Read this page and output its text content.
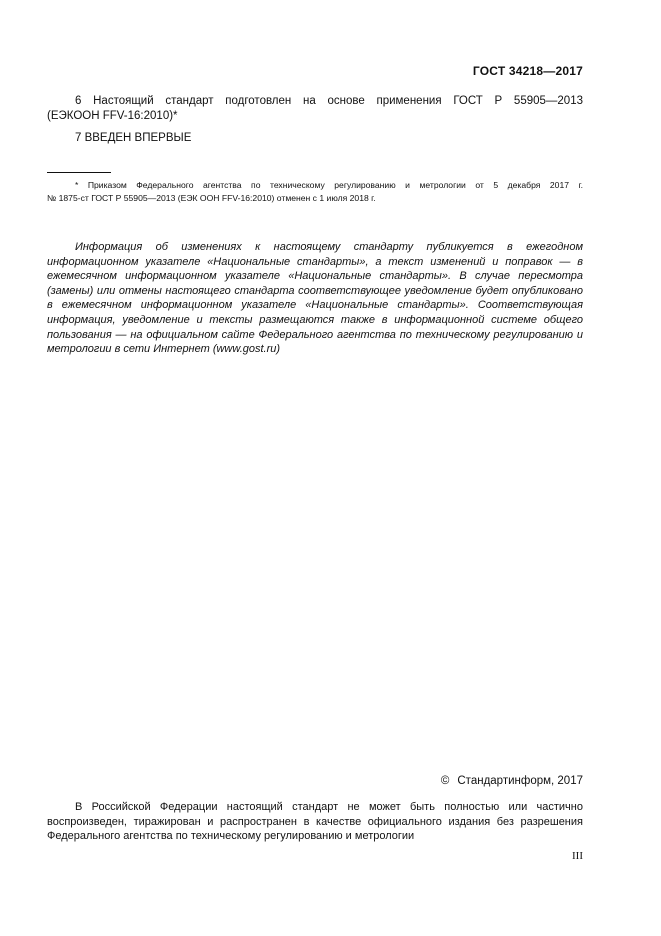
ГОСТ 34218—2017
6 Настоящий стандарт подготовлен на основе применения ГОСТ Р 55905—2013
(ЕЭКООН FFV-16:2010)*
7 ВВЕДЕН ВПЕРВЫЕ
* Приказом Федерального агентства по техническому регулированию и метрологии от 5 декабря 2017 г.
№ 1875-ст ГОСТ Р 55905—2013 (ЕЭК ООН FFV-16:2010) отменен с 1 июля 2018 г.
Информация об изменениях к настоящему стандарту публикуется в ежегодном информационном указателе «Национальные стандарты», а текст изменений и поправок — в ежемесячном информационном указателе «Национальные стандарты». В случае пересмотра (замены) или отмены настоящего стандарта соответствующее уведомление будет опубликовано в ежемесячном информационном указателе «Национальные стандарты». Соответствующая информация, уведомление и тексты размещаются также в информационной системе общего пользования — на официальном сайте Федерального агентства по техническому регулированию и метрологии в сети Интернет (www.gost.ru)
© Стандартинформ, 2017
В Российской Федерации настоящий стандарт не может быть полностью или частично воспроизведен, тиражирован и распространен в качестве официального издания без разрешения Федерального агентства по техническому регулированию и метрологии
III
